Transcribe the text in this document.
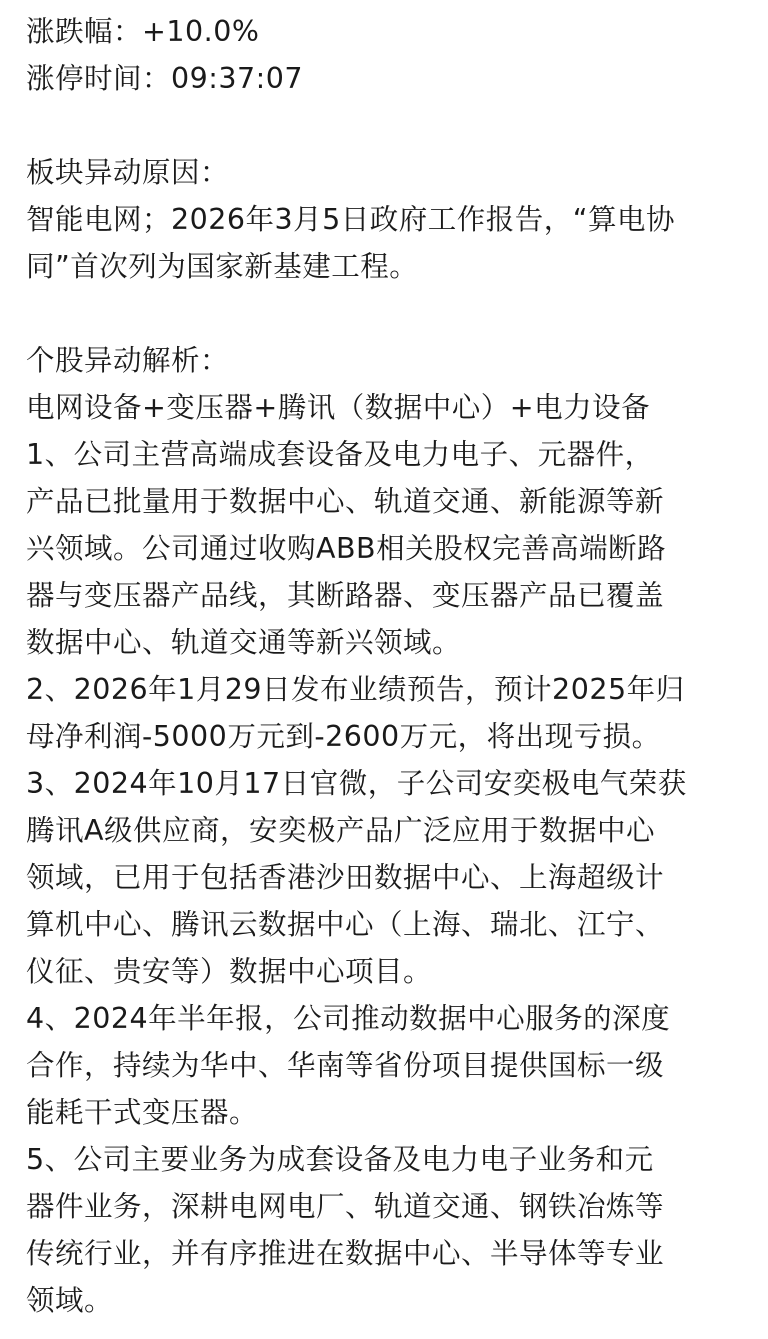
涨跌幅：+10.0%
涨停时间：09:37:07
板块异动原因：
智能电网；2026年3月5日政府工作报告，“算电协
同”首次列为国家新基建工程。
个股异动解析：
电网设备+变压器+腾讯（数据中心）+电力设备
1、公司主营高端成套设备及电力电子、元器件，
产品已批量用于数据中心、轨道交通、新能源等新
兴领域。公司通过收购ABB相关股权完善高端断路
器与变压器产品线，其断路器、变压器产品已覆盖
数据中心、轨道交通等新兴领域。
2、2026年1月29日发布业绩预告，预计2025年归
母净利润-5000万元到-2600万元，将出现亏损。
3、2024年10月17日官微，子公司安奕极电气荣获
腾讯A级供应商，安奕极产品广泛应用于数据中心
领域，已用于包括香港沙田数据中心、上海超级计
算机中心、腾讯云数据中心（上海、瑞北、江宁、
仪征、贵安等）数据中心项目。
4、2024年半年报，公司推动数据中心服务的深度
合作，持续为华中、华南等省份项目提供国标一级
能耗干式变压器。
5、公司主要业务为成套设备及电力电子业务和元
器件业务，深耕电网电厂、轨道交通、钢铁冶炼等
传统行业，并有序推进在数据中心、半导体等专业
领域。
